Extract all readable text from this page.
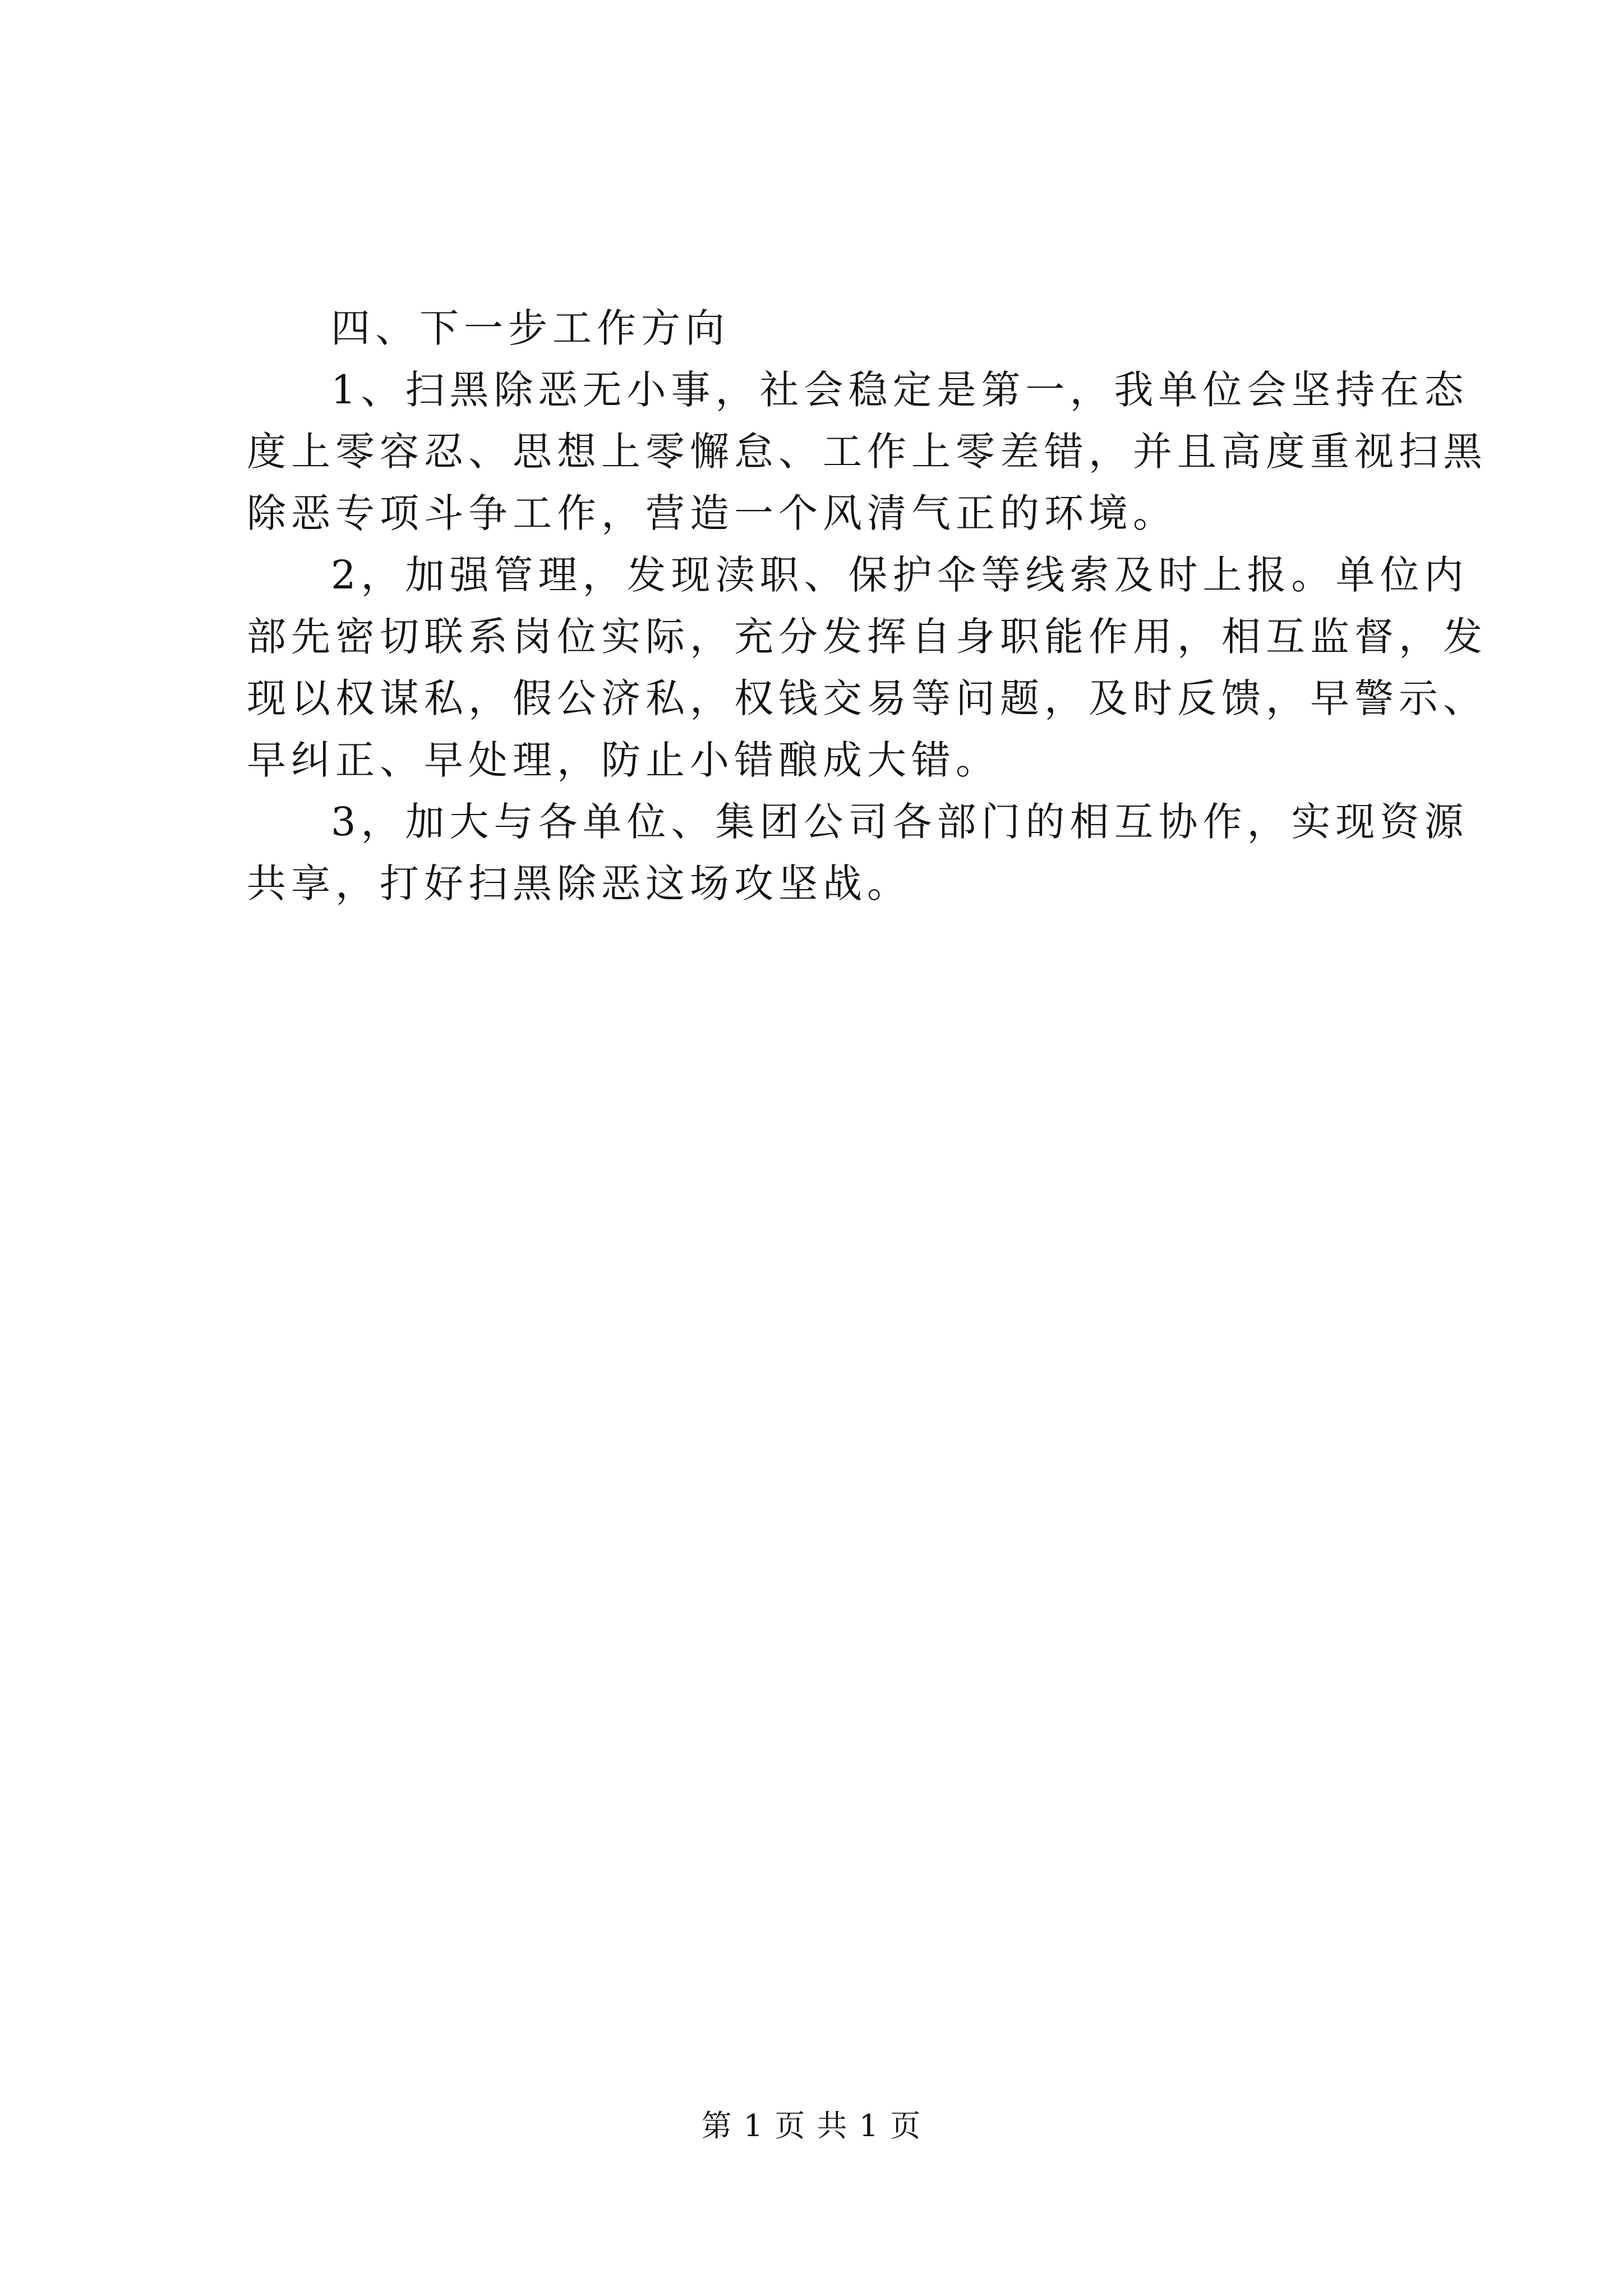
四、下一步工作方向
1、扫黑除恶无小事，社会稳定是第一，我单位会坚持在态
度上零容忍、思想上零懈怠、工作上零差错，并且高度重视扫黑
除恶专项斗争工作，营造一个风清气正的环境。
2，加强管理，发现渎职、保护伞等线索及时上报。单位内
部先密切联系岗位实际，充分发挥自身职能作用，相互监督，发
现以权谋私，假公济私，权钱交易等问题，及时反馈，早警示、
早纠正、早处理，防止小错酿成大错。
3，加大与各单位、集团公司各部门的相互协作，实现资源
共享，打好扫黑除恶这场攻坚战。
第 1 页 共 1 页
